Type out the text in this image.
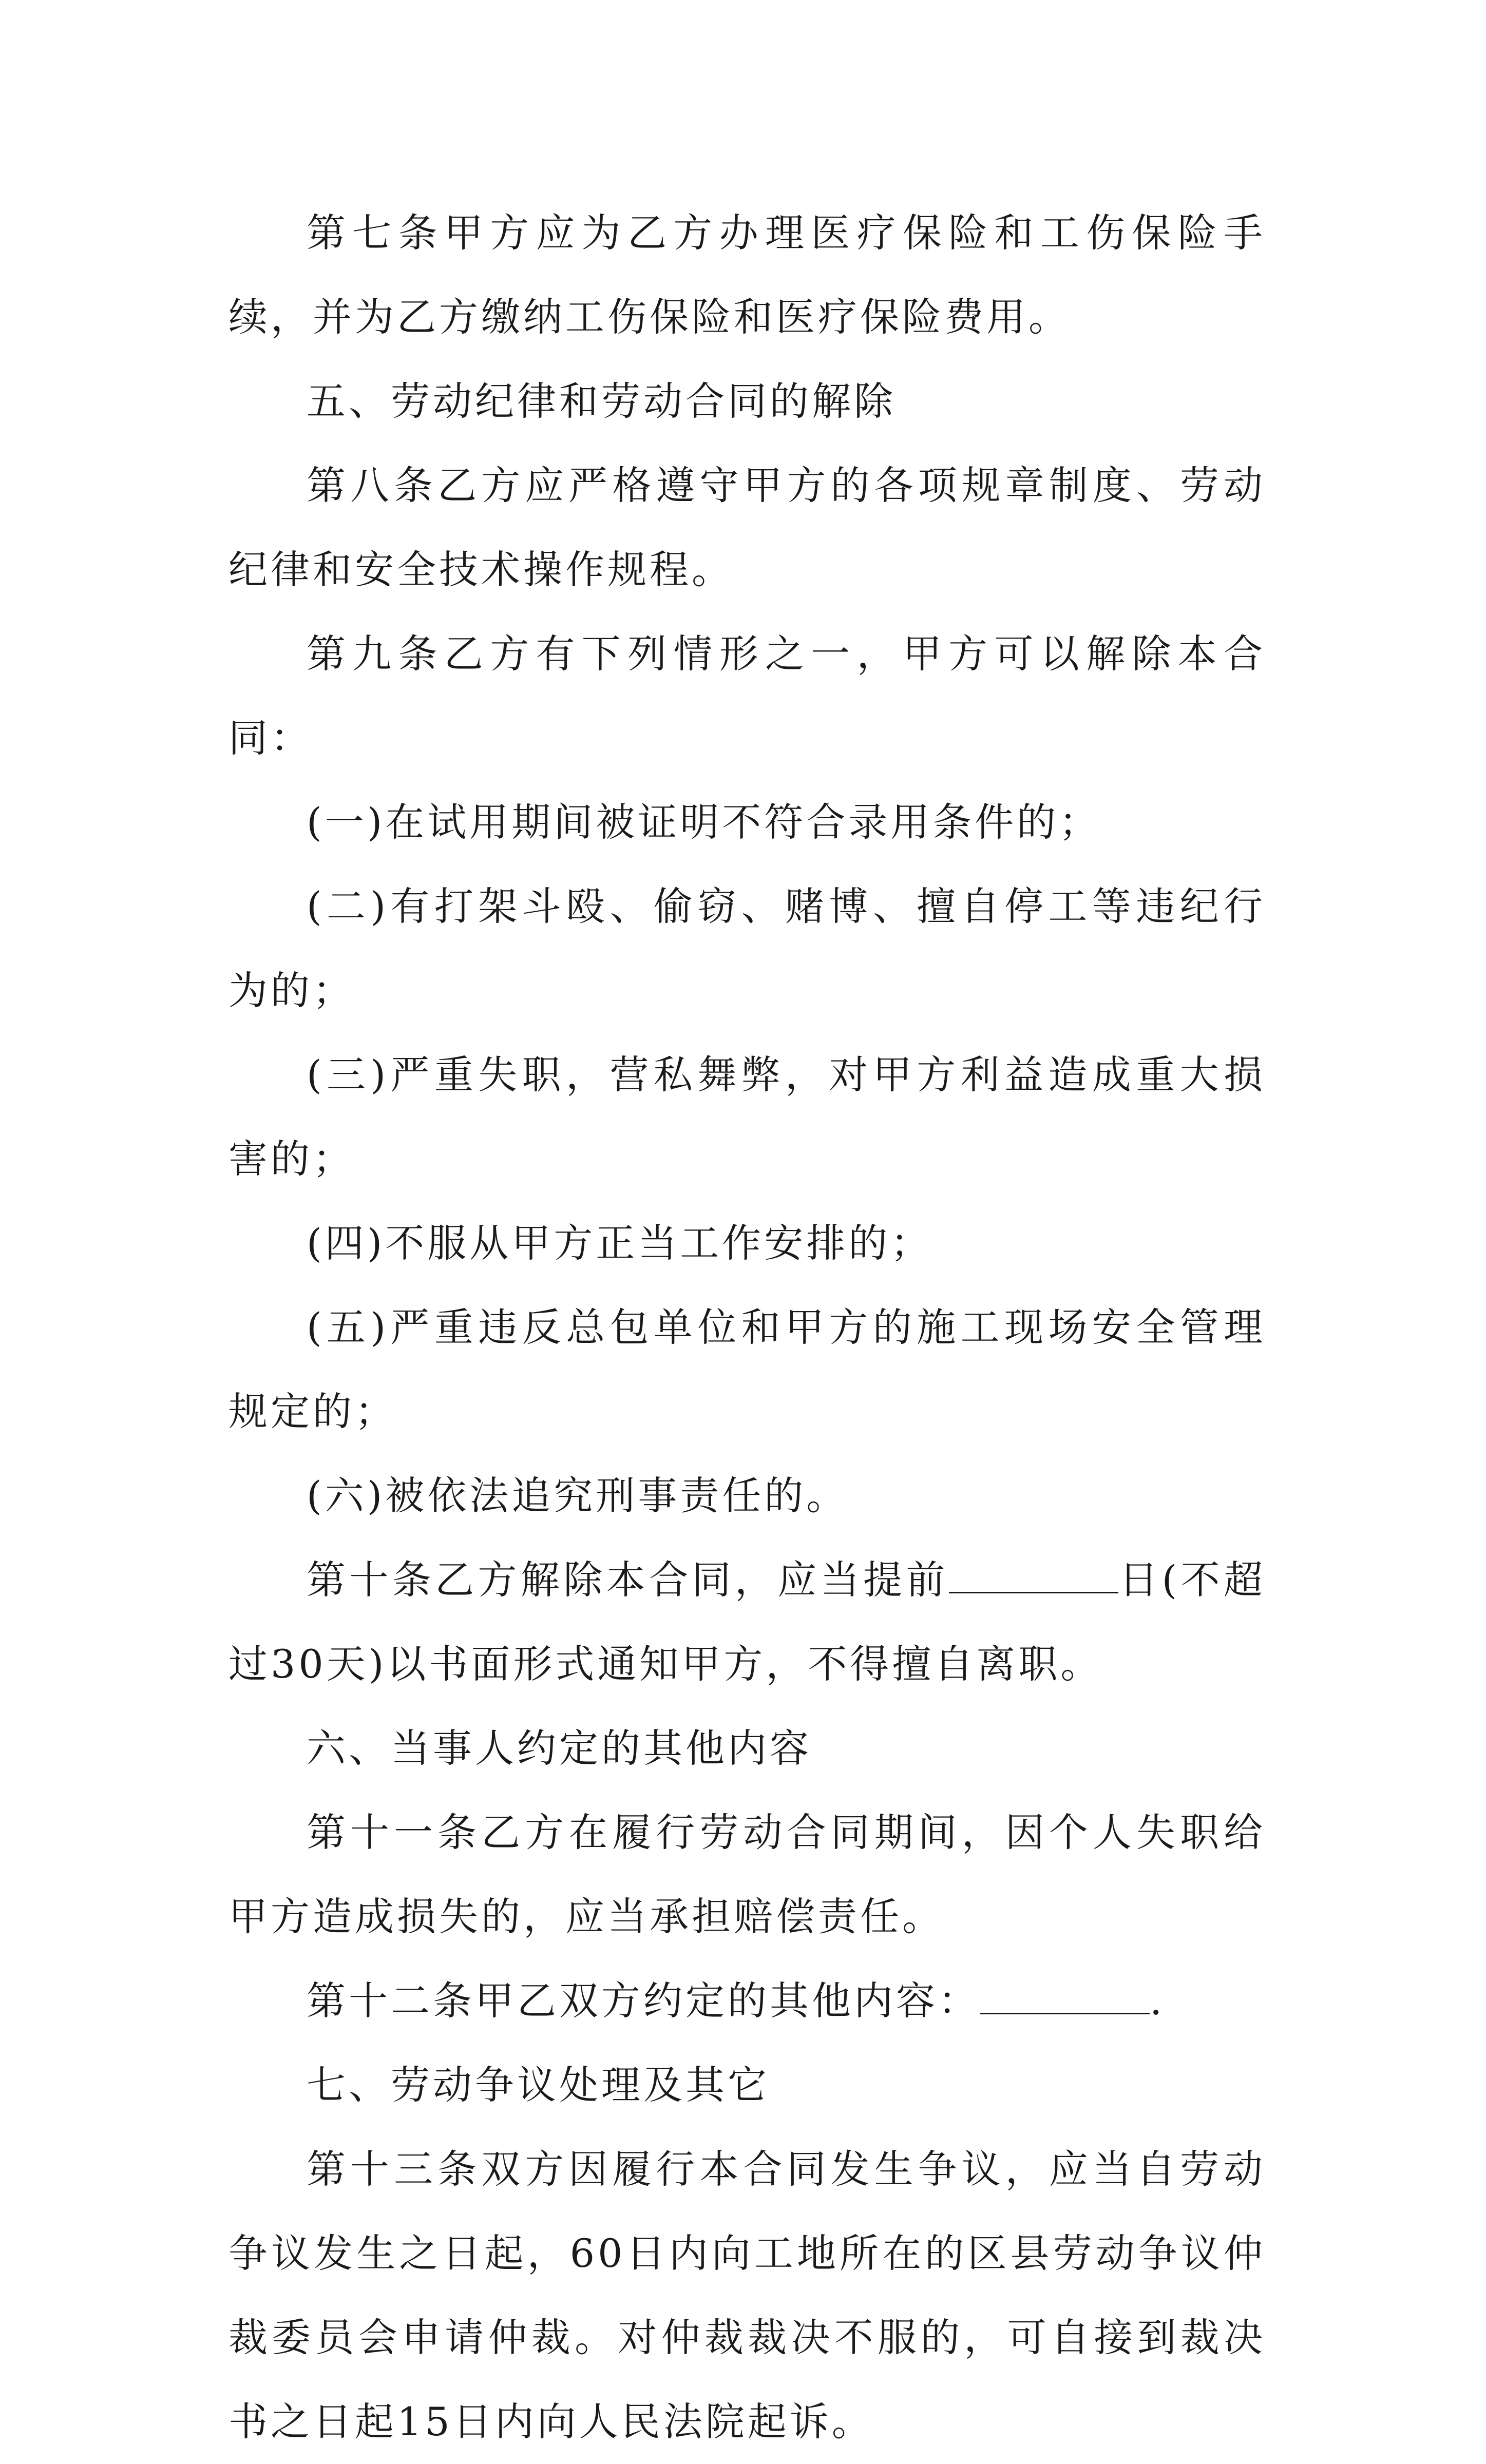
第七条甲方应为乙方办理医疗保险和工伤保险手续，并为乙方缴纳工伤保险和医疗保险费用。

五、劳动纪律和劳动合同的解除

第八条乙方应严格遵守甲方的各项规章制度、劳动纪律和安全技术操作规程。

第九条乙方有下列情形之一，甲方可以解除本合同：

(一)在试用期间被证明不符合录用条件的；

(二)有打架斗殴、偷窃、赌博、擅自停工等违纪行为的；

(三)严重失职，营私舞弊，对甲方利益造成重大损害的；

(四)不服从甲方正当工作安排的；

(五)严重违反总包单位和甲方的施工现场安全管理规定的；

(六)被依法追究刑事责任的。

第十条乙方解除本合同，应当提前	日(不超过30天)以书面形式通知甲方，不得擅自离职。

六、当事人约定的其他内容

第十一条乙方在履行劳动合同期间，因个人失职给甲方造成损失的，应当承担赔偿责任。

第十二条甲乙双方约定的其他内容：	.

七、劳动争议处理及其它

第十三条双方因履行本合同发生争议，应当自劳动争议发生之日起，60日内向工地所在的区县劳动争议仲裁委员会申请仲裁。对仲裁裁决不服的，可自接到裁决书之日起15日内向人民法院起诉。
